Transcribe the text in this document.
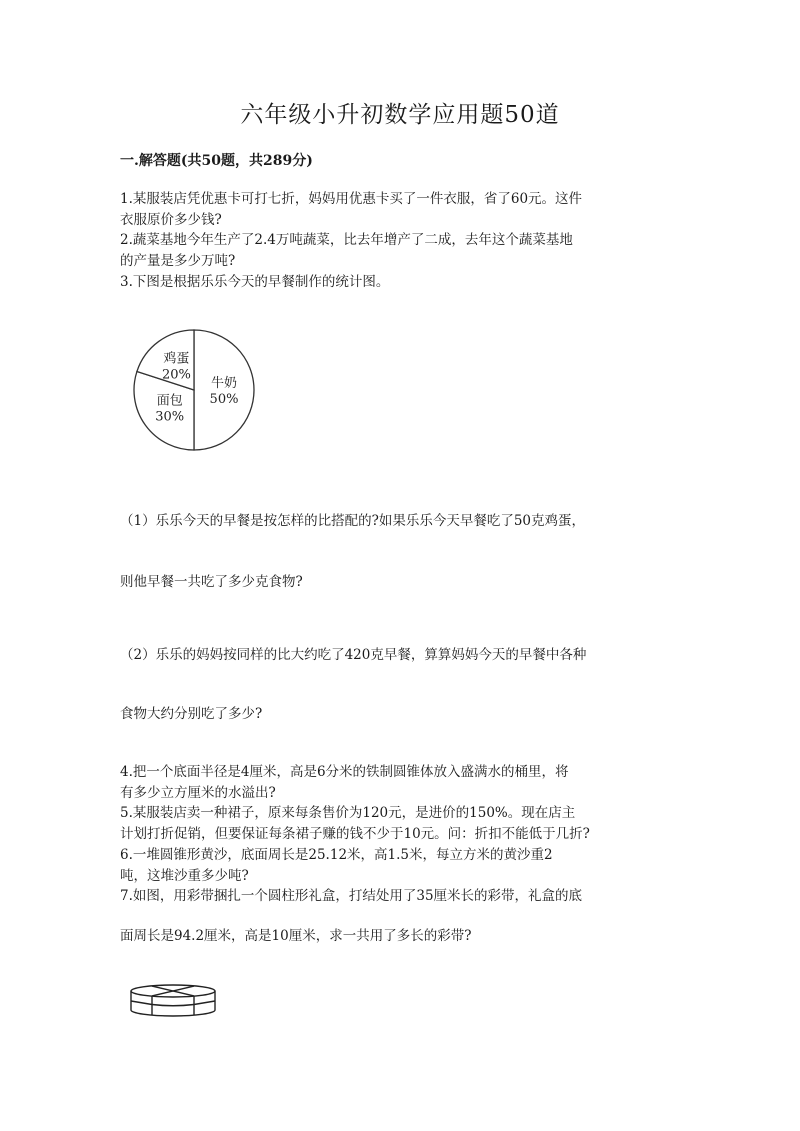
六年级小升初数学应用题50道
一.解答题(共50题，共289分)
1.某服装店凭优惠卡可打七折，妈妈用优惠卡买了一件衣服，省了60元。这件
衣服原价多少钱?
2.蔬菜基地今年生产了2.4万吨蔬菜，比去年增产了二成，去年这个蔬菜基地
的产量是多少万吨?
3.下图是根据乐乐今天的早餐制作的统计图。
牛奶
50%
面包
30%
鸡蛋
20%
（1）乐乐今天的早餐是按怎样的比搭配的?如果乐乐今天早餐吃了50克鸡蛋，
则他早餐一共吃了多少克食物?
（2）乐乐的妈妈按同样的比大约吃了420克早餐，算算妈妈今天的早餐中各种
食物大约分别吃了多少?
4.把一个底面半径是4厘米，高是6分米的铁制圆锥体放入盛满水的桶里，将
有多少立方厘米的水溢出?
5.某服装店卖一种裙子，原来每条售价为120元，是进价的150%。现在店主
计划打折促销，但要保证每条裙子赚的钱不少于10元。问：折扣不能低于几折?
6.一堆圆锥形黄沙，底面周长是25.12米，高1.5米，每立方米的黄沙重2
吨，这堆沙重多少吨?
7.如图，用彩带捆扎一个圆柱形礼盒，打结处用了35厘米长的彩带，礼盒的底
面周长是94.2厘米，高是10厘米，求一共用了多长的彩带?
